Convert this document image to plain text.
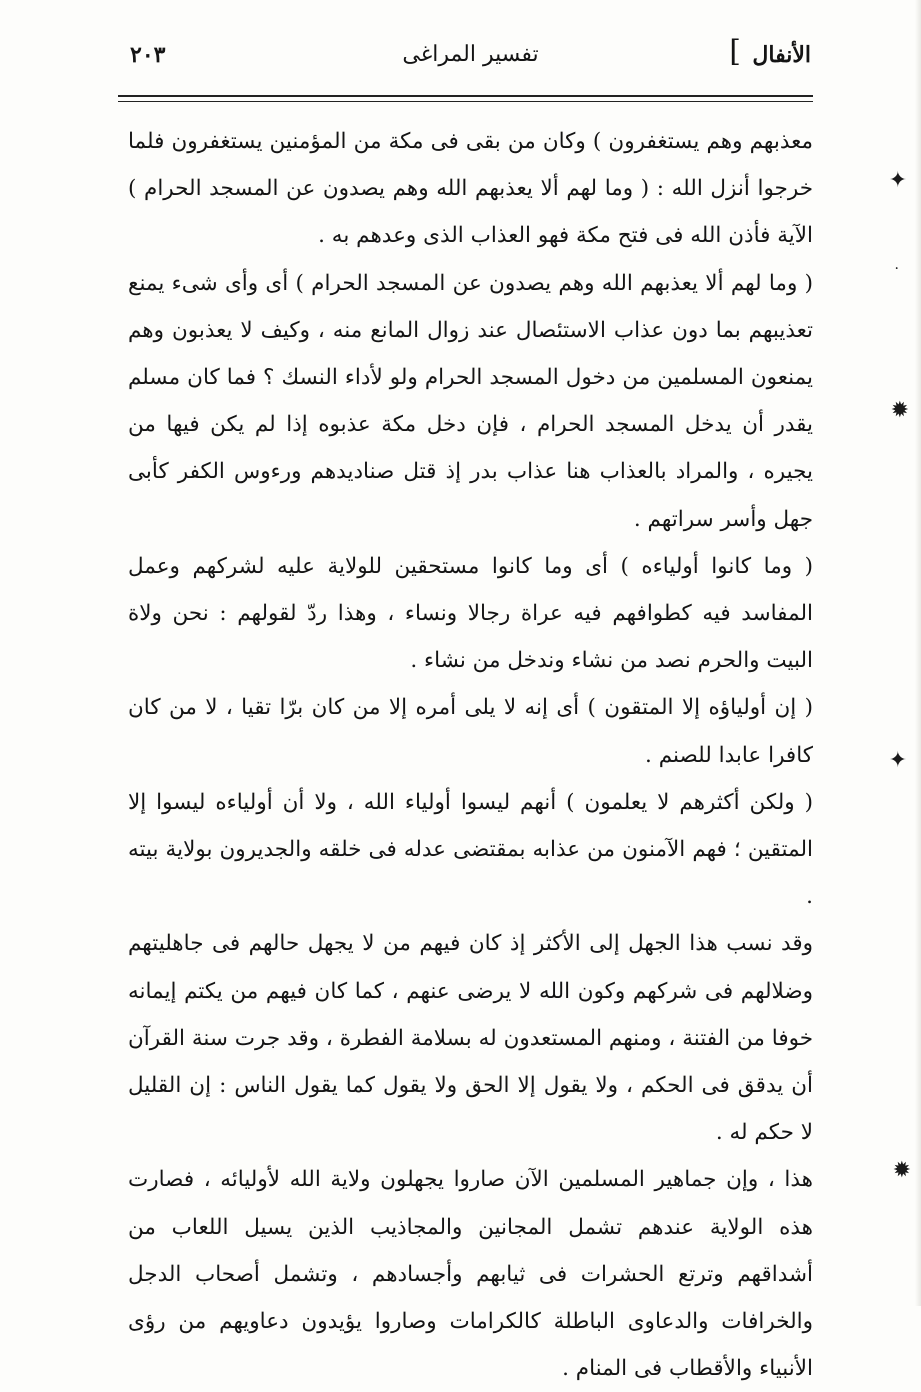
الأنفال
]
تفسير المراغى
٢٠٣

معذبهم وهم يستغفرون ) وكان من بقى فى مكة من المؤمنين يستغفرون فلما خرجوا أنزل الله : ( وما لهم ألا يعذبهم الله وهم يصدون عن المسجد الحرام ) الآية فأذن الله فى فتح مكة فهو العذاب الذى وعدهم به .

( وما لهم ألا يعذبهم الله وهم يصدون عن المسجد الحرام ) أى وأى شىء يمنع تعذيبهم بما دون عذاب الاستئصال عند زوال المانع منه ، وكيف لا يعذبون وهم يمنعون المسلمين من دخول المسجد الحرام ولو لأداء النسك ؟ فما كان مسلم يقدر أن يدخل المسجد الحرام ، فإن دخل مكة عذبوه إذا لم يكن فيها من يجيره ، والمراد بالعذاب هنا عذاب بدر إذ قتل صناديدهم ورءوس الكفر كأبى جهل وأسر سراتهم .

( وما كانوا أولياءه ) أى وما كانوا مستحقين للولاية عليه لشركهم وعمل المفاسد فيه كطوافهم فيه عراة رجالا ونساء ، وهذا ردّ لقولهم : نحن ولاة البيت والحرم نصد من نشاء وندخل من نشاء .

( إن أولياؤه إلا المتقون ) أى إنه لا يلى أمره إلا من كان برّا تقيا ، لا من كان كافرا عابدا للصنم .

( ولكن أكثرهم لا يعلمون ) أنهم ليسوا أولياء الله ، ولا أن أولياءه ليسوا إلا المتقين ؛ فهم الآمنون من عذابه بمقتضى عدله فى خلقه والجديرون بولاية بيته .

وقد نسب هذا الجهل إلى الأكثر إذ كان فيهم من لا يجهل حالهم فى جاهليتهم وضلالهم فى شركهم وكون الله لا يرضى عنهم ، كما كان فيهم من يكتم إيمانه خوفا من الفتنة ، ومنهم المستعدون له بسلامة الفطرة ، وقد جرت سنة القرآن أن يدقق فى الحكم ، ولا يقول إلا الحق ولا يقول كما يقول الناس : إن القليل لا حكم له .

هذا ، وإن جماهير المسلمين الآن صاروا يجهلون ولاية الله لأوليائه ، فصارت هذه الولاية عندهم تشمل المجانين والمجاذيب الذين يسيل اللعاب من أشداقهم وترتع الحشرات فى ثيابهم وأجسادهم ، وتشمل أصحاب الدجل والخرافات والدعاوى الباطلة كالكرامات وصاروا يؤيدون دعاويهم من رؤى الأنبياء والأقطاب فى المنام .

✦
·
✹
✦
✹
